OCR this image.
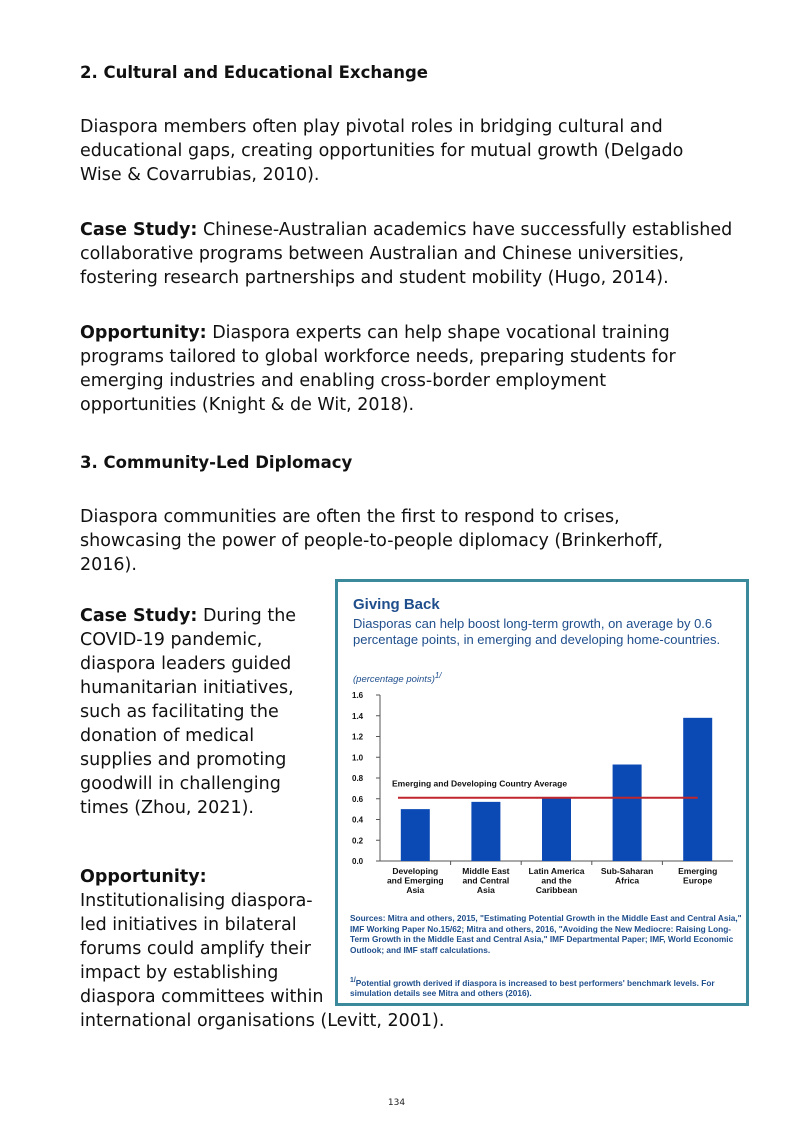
2. Cultural and Educational Exchange

Diaspora members often play pivotal roles in bridging cultural and
educational gaps, creating opportunities for mutual growth (Delgado
Wise & Covarrubias, 2010).

Case Study: Chinese-Australian academics have successfully established
collaborative programs between Australian and Chinese universities,
fostering research partnerships and student mobility (Hugo, 2014).

Opportunity: Diaspora experts can help shape vocational training
programs tailored to global workforce needs, preparing students for
emerging industries and enabling cross-border employment
opportunities (Knight & de Wit, 2018).

3. Community-Led Diplomacy

Diaspora communities are often the first to respond to crises,
showcasing the power of people-to-people diplomacy (Brinkerhoff,
2016).

Case Study: During the
COVID-19 pandemic,
diaspora leaders guided
humanitarian initiatives,
such as facilitating the
donation of medical
supplies and promoting
goodwill in challenging
times (Zhou, 2021).

Opportunity:
Institutionalising diaspora-
led initiatives in bilateral
forums could amplify their
impact by establishing
diaspora committees within
international organisations (Levitt, 2001).

Giving Back

Diasporas can help boost long-term growth, on average by 0.6 percentage points, in emerging and developing home-countries.

(percentage points)$^{1/}$
0.0
0.2
0.4
0.6
0.8
1.0
1.2
1.4
1.6
Developing
and Emerging
Asia
Middle East
and Central
Asia
Latin America
and the
Caribbean
Sub-Saharan
Africa
Emerging
Europe
Emerging and Developing Country Average

Sources: Mitra and others, 2015, "Estimating Potential Growth in the Middle East and Central Asia," IMF Working Paper No.15/62; Mitra and others, 2016, "Avoiding the New Mediocre: Raising Long-Term Growth in the Middle East and Central Asia," IMF Departmental Paper; IMF, World Economic Outlook; and IMF staff calculations.

$^{1/}$Potential growth derived if diaspora is increased to best performers' benchmark levels. For simulation details see Mitra and others (2016).

134
